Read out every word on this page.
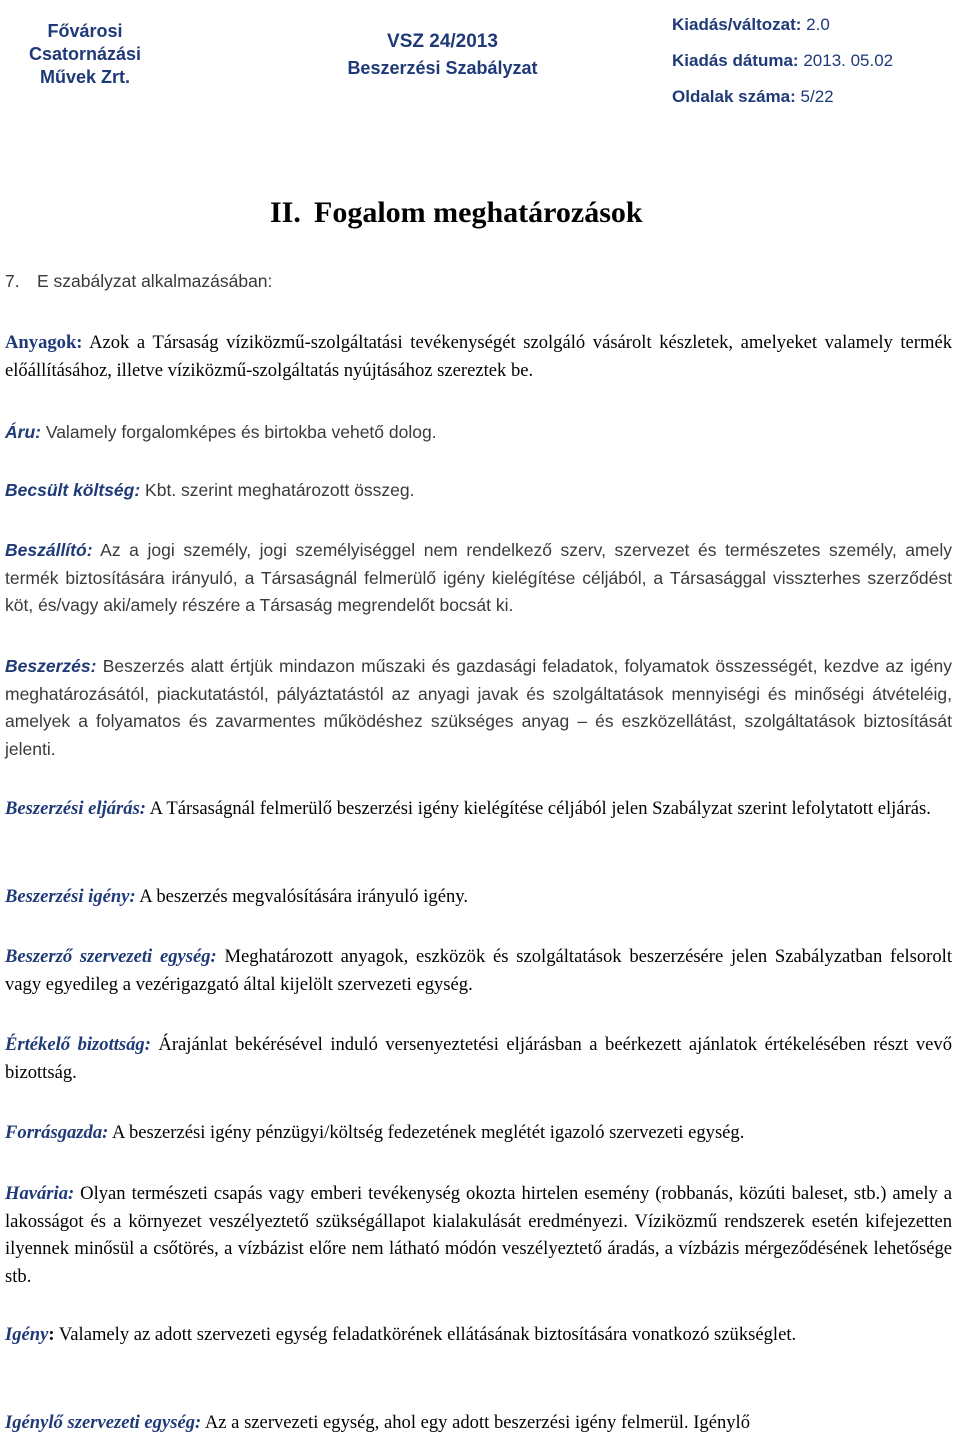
Fővárosi
Csatornázási
Művek Zrt.
VSZ 24/2013
Beszerzési Szabályzat
Kiadás/változat: 2.0
Kiadás dátuma: 2013. 05.02
Oldalak száma: 5/22
II. Fogalom meghatározások
7. E szabályzat alkalmazásában:

Anyagok: Azok a Társaság víziközmű-szolgáltatási tevékenységét szolgáló vásárolt készletek, amelyeket valamely termék előállításához, illetve víziközmű-szolgáltatás nyújtásához szereztek be.

Áru: Valamely forgalomképes és birtokba vehető dolog.

Becsült költség: Kbt. szerint meghatározott összeg.

Beszállító: Az a jogi személy, jogi személyiséggel nem rendelkező szerv, szervezet és természetes személy, amely termék biztosítására irányuló, a Társaságnál felmerülő igény kielégítése céljából, a Társasággal visszterhes szerződést köt, és/vagy aki/amely részére a Társaság megrendelőt bocsát ki.

Beszerzés: Beszerzés alatt értjük mindazon műszaki és gazdasági feladatok, folyamatok összességét, kezdve az igény meghatározásától, piackutatástól, pályáztatástól az anyagi javak és szolgáltatások mennyiségi és minőségi átvételéig, amelyek a folyamatos és zavarmentes működéshez szükséges anyag – és eszközellátást, szolgáltatások biztosítását jelenti.

Beszerzési eljárás: A Társaságnál felmerülő beszerzési igény kielégítése céljából jelen Szabályzat szerint lefolytatott eljárás.

Beszerzési igény: A beszerzés megvalósítására irányuló igény.

Beszerző szervezeti egység: Meghatározott anyagok, eszközök és szolgáltatások beszerzésére jelen Szabályzatban felsorolt vagy egyedileg a vezérigazgató által kijelölt szervezeti egység.

Értékelő bizottság: Árajánlat bekérésével induló versenyeztetési eljárásban a beérkezett ajánlatok értékelésében részt vevő bizottság.

Forrásgazda: A beszerzési igény pénzügyi/költség fedezetének meglétét igazoló szervezeti egység.

Havária: Olyan természeti csapás vagy emberi tevékenység okozta hirtelen esemény (robbanás, közúti baleset, stb.) amely a lakosságot és a környezet veszélyeztető szükségállapot kialakulását eredményezi. Víziközmű rendszerek esetén kifejezetten ilyennek minősül a csőtörés, a vízbázist előre nem látható módón veszélyeztető áradás, a vízbázis mérgeződésének lehetősége stb.

Igény: Valamely az adott szervezeti egység feladatkörének ellátásának biztosítására vonatkozó szükséglet.

Igénylő szervezeti egység: Az a szervezeti egység, ahol egy adott beszerzési igény felmerül. Igénylő
